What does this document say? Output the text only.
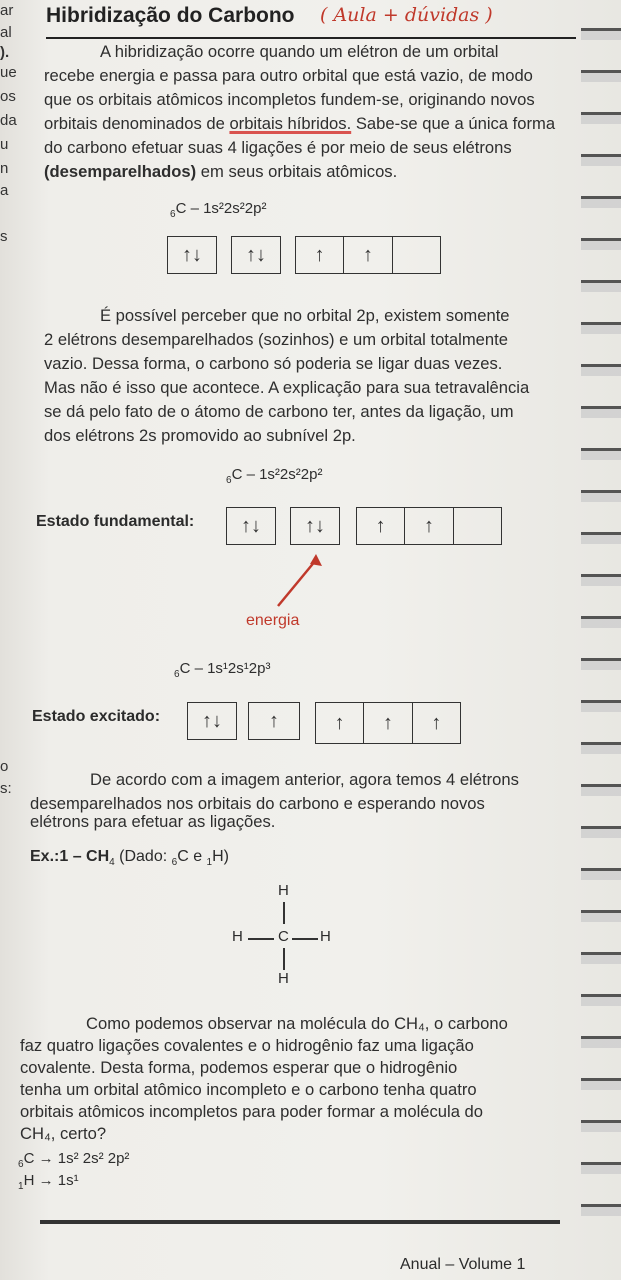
ar
al
).
ue
os
da
u
n
a
s
o
s:
Hibridização do Carbono ( Aula + dúvidas )
A hibridização ocorre quando um elétron de um orbital
recebe energia e passa para outro orbital que está vazio, de modo
que os orbitais atômicos incompletos fundem-se, originando novos
orbitais denominados de orbitais híbridos. Sabe-se que a única forma
do carbono efetuar suas 4 ligações é por meio de seus elétrons
(desemparelhados) em seus orbitais atômicos.
$_6$C – 1s²2s²2p²
↑↓	↑↓	↑	↑
É possível perceber que no orbital 2p, existem somente
2 elétrons desemparelhados (sozinhos) e um orbital totalmente
vazio. Dessa forma, o carbono só poderia se ligar duas vezes.
Mas não é isso que acontece. A explicação para sua tetravalência
se dá pelo fato de o átomo de carbono ter, antes da ligação, um
dos elétrons 2s promovido ao subnível 2p.
$_6$C – 1s²2s²2p²
Estado fundamental:	↑↓	↑↓	↑	↑
energia
$_6$C – 1s¹2s¹2p³
Estado excitado:	↑↓	↑	↑	↑	↑
De acordo com a imagem anterior, agora temos 4 elétrons
desemparelhados nos orbitais do carbono e esperando novos
elétrons para efetuar as ligações.
Ex.:1 – $CH_4$ (Dado: $_6$C e $_1$H)
H
H C H
H
Como podemos observar na molécula do CH₄, o carbono
faz quatro ligações covalentes e o hidrogênio faz uma ligação
covalente. Desta forma, podemos esperar que o hidrogênio
tenha um orbital atômico incompleto e o carbono tenha quatro
orbitais atômicos incompletos para poder formar a molécula do
CH₄, certo?
$_6$C → 1s² 2s² 2p²
$_1$H → 1s¹
Anual – Volume 1
